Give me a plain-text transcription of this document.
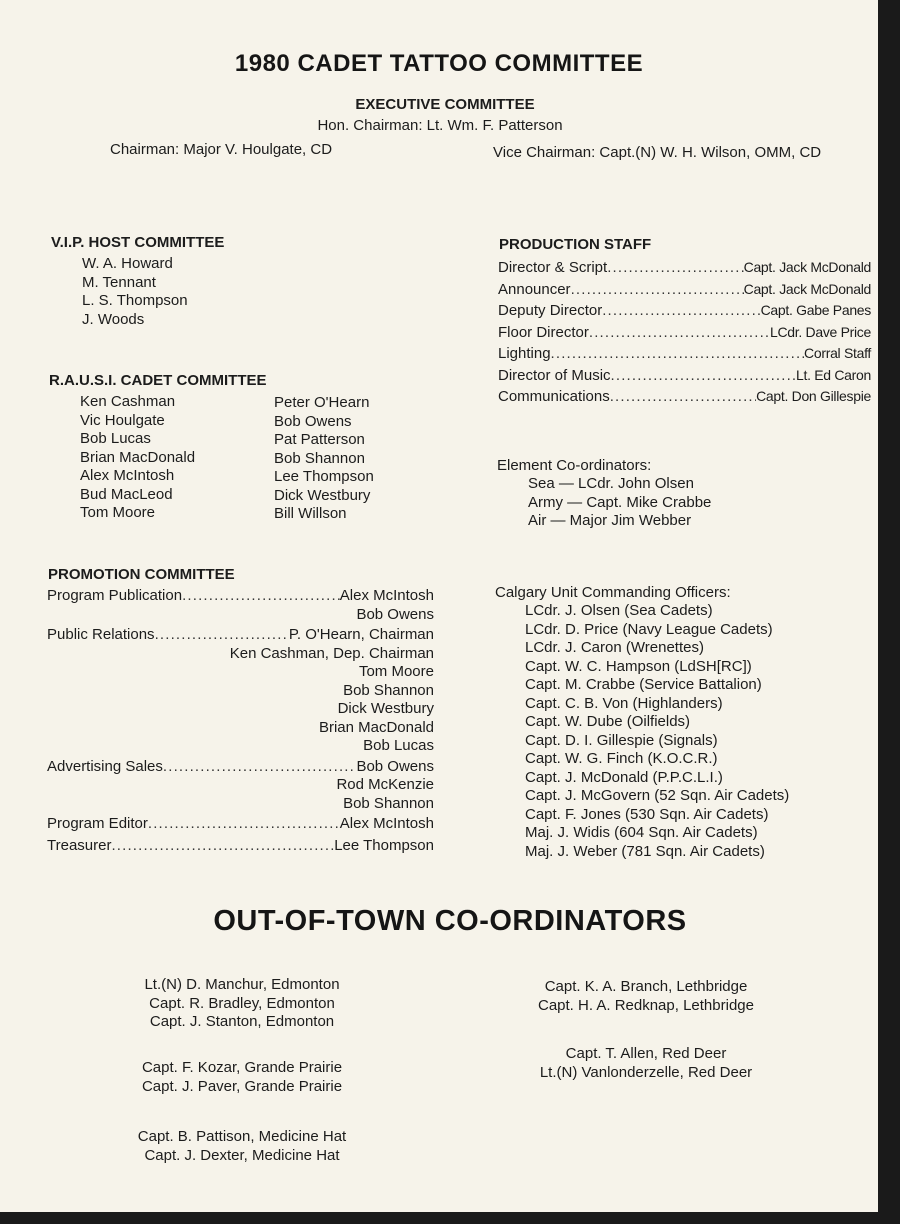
1980 CADET TATTOO COMMITTEE
EXECUTIVE COMMITTEE
Hon. Chairman: Lt. Wm. F. Patterson
Chairman: Major V. Houlgate, CD	Vice Chairman: Capt.(N) W. H. Wilson, OMM, CD
V.I.P. HOST COMMITTEE
W. A. Howard
M. Tennant
L. S. Thompson
J. Woods
R.A.U.S.I. CADET COMMITTEE
Ken Cashman
Vic Houlgate
Bob Lucas
Brian MacDonald
Alex McIntosh
Bud MacLeod
Tom Moore
Peter O'Hearn
Bob Owens
Pat Patterson
Bob Shannon
Lee Thompson
Dick Westbury
Bill Willson
PROMOTION COMMITTEE
Program Publication . . .	Alex McIntosh
Bob Owens
Public Relations . . .	P. O'Hearn, Chairman
Ken Cashman, Dep. Chairman
Tom Moore
Bob Shannon
Dick Westbury
Brian MacDonald
Bob Lucas
Advertising Sales . . .	Bob Owens
Rod McKenzie
Bob Shannon
Program Editor . . .	Alex McIntosh
Treasurer . . .	Lee Thompson
PRODUCTION STAFF
Director & Script . . .	Capt. Jack McDonald
Announcer . . .	Capt. Jack McDonald
Deputy Director . . .	Capt. Gabe Panes
Floor Director . . .	LCdr. Dave Price
Lighting . . .	Corral Staff
Director of Music . . .	Lt. Ed Caron
Communications . . .	Capt. Don Gillespie
Element Co-ordinators:
Sea — LCdr. John Olsen
Army — Capt. Mike Crabbe
Air — Major Jim Webber
Calgary Unit Commanding Officers:
LCdr. J. Olsen (Sea Cadets)
LCdr. D. Price (Navy League Cadets)
LCdr. J. Caron (Wrenettes)
Capt. W. C. Hampson (LdSH[RC])
Capt. M. Crabbe (Service Battalion)
Capt. C. B. Von (Highlanders)
Capt. W. Dube (Oilfields)
Capt. D. I. Gillespie (Signals)
Capt. W. G. Finch (K.O.C.R.)
Capt. J. McDonald (P.P.C.L.I.)
Capt. J. McGovern (52 Sqn. Air Cadets)
Capt. F. Jones (530 Sqn. Air Cadets)
Maj. J. Widis (604 Sqn. Air Cadets)
Maj. J. Weber (781 Sqn. Air Cadets)
OUT-OF-TOWN CO-ORDINATORS
Lt.(N) D. Manchur, Edmonton
Capt. R. Bradley, Edmonton
Capt. J. Stanton, Edmonton
Capt. F. Kozar, Grande Prairie
Capt. J. Paver, Grande Prairie
Capt. B. Pattison, Medicine Hat
Capt. J. Dexter, Medicine Hat
Capt. K. A. Branch, Lethbridge
Capt. H. A. Redknap, Lethbridge
Capt. T. Allen, Red Deer
Lt.(N) Vanlonderzelle, Red Deer
